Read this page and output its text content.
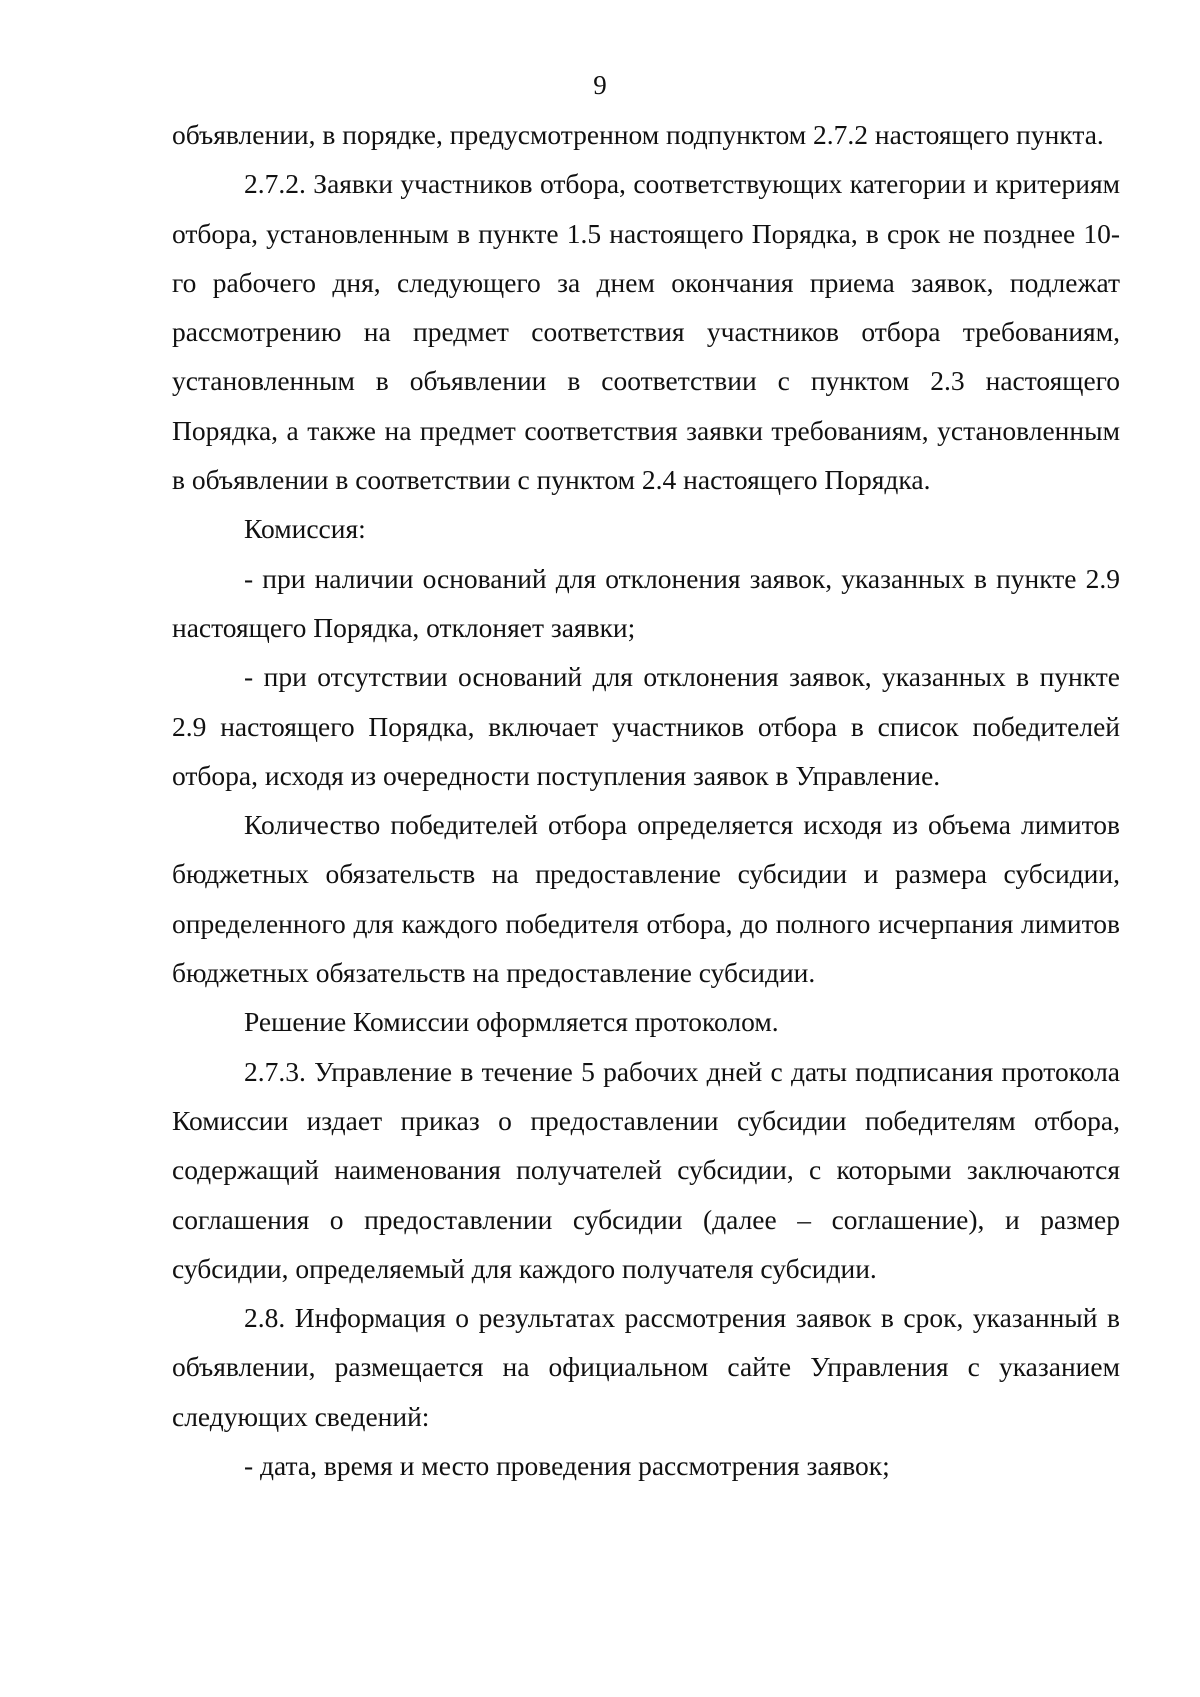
9

объявлении, в порядке, предусмотренном подпунктом 2.7.2 настоящего пункта.

2.7.2. Заявки участников отбора, соответствующих категории и критериям отбора, установленным в пункте 1.5 настоящего Порядка, в срок не позднее 10-го рабочего дня, следующего за днем окончания приема заявок, подлежат рассмотрению на предмет соответствия участников отбора требованиям, установленным в объявлении в соответствии с пунктом 2.3 настоящего Порядка, а также на предмет соответствия заявки требованиям, установленным в объявлении в соответствии с пунктом 2.4 настоящего Порядка.

Комиссия:

- при наличии оснований для отклонения заявок, указанных в пункте 2.9 настоящего Порядка, отклоняет заявки;

- при отсутствии оснований для отклонения заявок, указанных в пункте 2.9 настоящего Порядка, включает участников отбора в список победителей отбора, исходя из очередности поступления заявок в Управление.

Количество победителей отбора определяется исходя из объема лимитов бюджетных обязательств на предоставление субсидии и размера субсидии, определенного для каждого победителя отбора, до полного исчерпания лимитов бюджетных обязательств на предоставление субсидии.

Решение Комиссии оформляется протоколом.

2.7.3. Управление в течение 5 рабочих дней с даты подписания протокола Комиссии издает приказ о предоставлении субсидии победителям отбора, содержащий наименования получателей субсидии, с которыми заключаются соглашения о предоставлении субсидии (далее – соглашение), и размер субсидии, определяемый для каждого получателя субсидии.

2.8. Информация о результатах рассмотрения заявок в срок, указанный в объявлении, размещается на официальном сайте Управления с указанием следующих сведений:

- дата, время и место проведения рассмотрения заявок;
